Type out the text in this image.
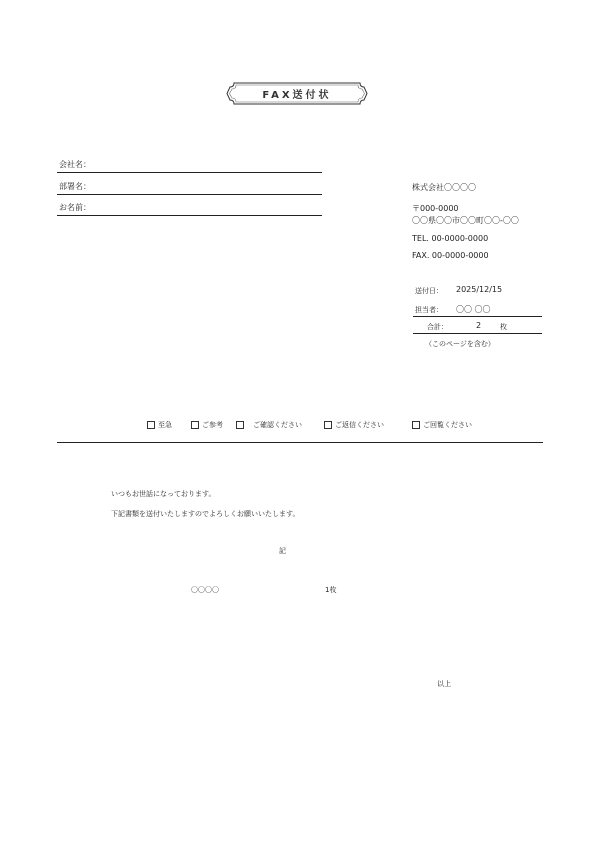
FAX送付状
会社名：
部署名：
お名前：
株式会社〇〇〇〇
〒000-0000
〇〇県〇〇市〇〇町〇〇-〇〇
TEL. 00-0000-0000
FAX. 00-0000-0000
送付日： 2025/12/15
担当者： 〇〇 〇〇
合計：	2	枚
（このページを含む）
至急	ご参考	ご確認ください	ご返信ください	ご回覧ください
いつもお世話になっております。
下記書類を送付いたしますのでよろしくお願いいたします。
記
〇〇〇〇	1枚
以上
